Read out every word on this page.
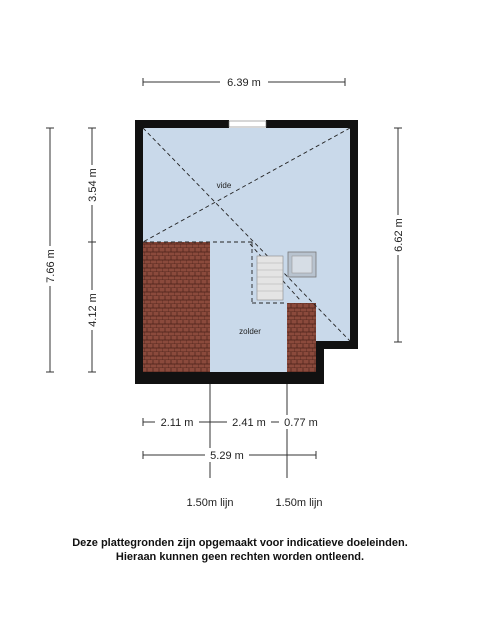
6.39 m
7.66 m
3.54 m
4.12 m
6.62 m
vide
zolder
2.11 m	2.41 m 0.77 m
5.29 m
1.50m lijn	1.50m lijn
Deze plattegronden zijn opgemaakt voor indicatieve doeleinden.
Hieraan kunnen geen rechten worden ontleend.
